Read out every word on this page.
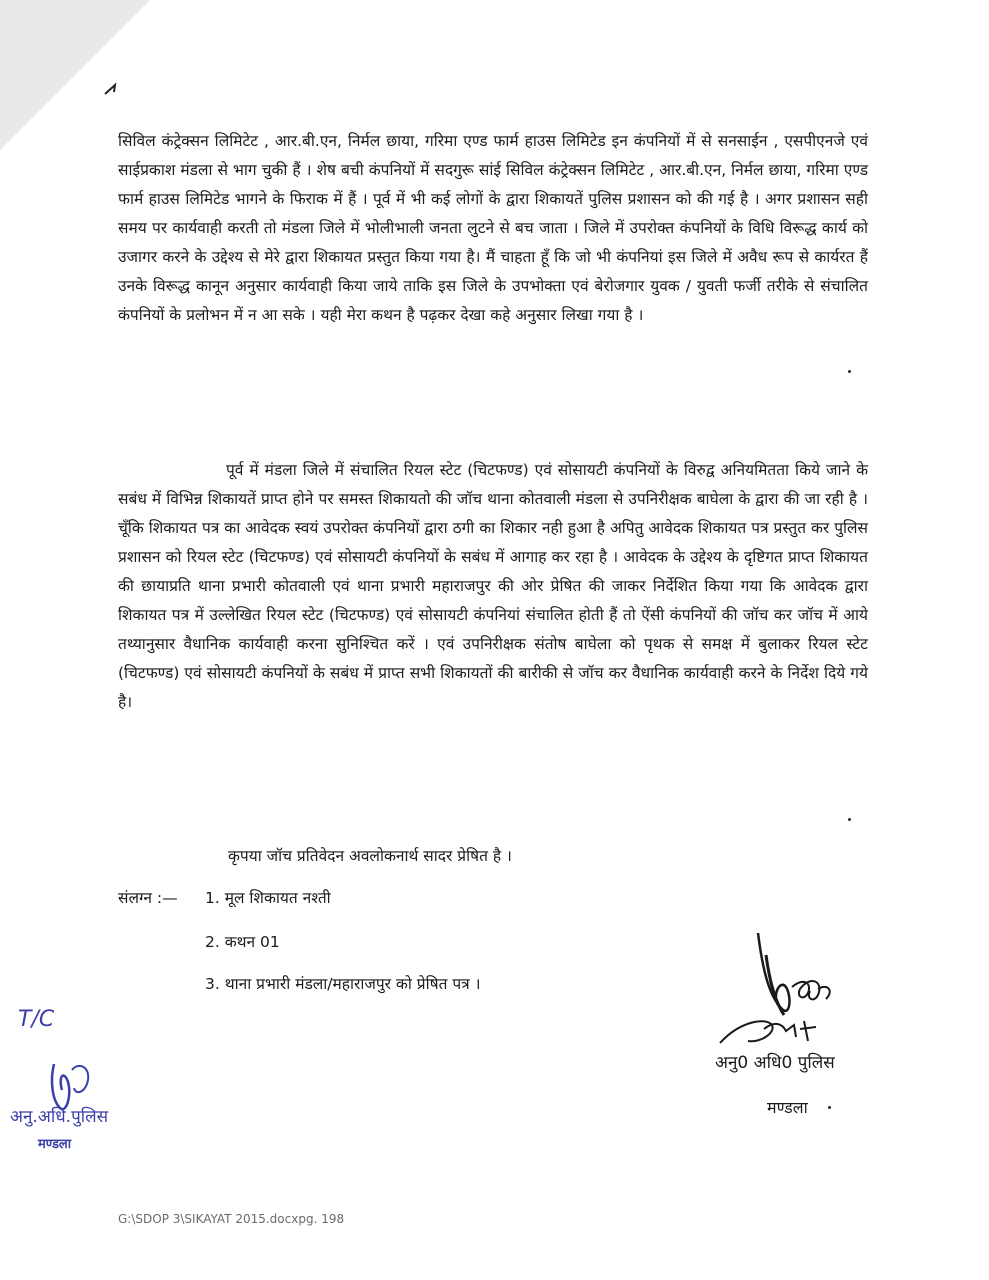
सिविल कंट्रेक्सन लिमिटेट , आर.बी.एन, निर्मल छाया, गरिमा एण्ड फार्म हाउस लिमिटेड इन कंपनियों में से सनसाईन , एसपीएनजे एवं साईप्रकाश मंडला से भाग चुकी हैं । शेष बची कंपनियों में सदगुरू सांई सिविल कंट्रेक्सन लिमिटेट , आर.बी.एन, निर्मल छाया, गरिमा एण्ड फार्म हाउस लिमिटेड भागने के फिराक में हैं । पूर्व में भी कई लोगों के द्वारा शिकायतें पुलिस प्रशासन को की गई है । अगर प्रशासन सही समय पर कार्यवाही करती तो मंडला जिले में भोलीभाली जनता लुटने से बच जाता । जिले में उपरोक्त कंपनियों के विधि विरूद्ध कार्य को उजागर करने के उद्देश्य से मेरे द्वारा शिकायत प्रस्तुत किया गया है। मैं चाहता हूँ कि जो भी कंपनियां इस जिले में अवैध रूप से कार्यरत हैं उनके विरूद्ध कानून अनुसार कार्यवाही किया जाये ताकि इस जिले के उपभोक्ता एवं बेरोजगार युवक / युवती फर्जी तरीके से संचालित कंपनियों के प्रलोभन में न आ सके । यही मेरा कथन है पढ़कर देखा कहे अनुसार लिखा गया है ।

पूर्व में मंडला जिले में संचालित रियल स्टेट (चिटफण्ड) एवं सोसायटी कंपनियों के विरुद्व अनियमितता किये जाने के सबंध में विभिन्न शिकायतें प्राप्त होने पर समस्त शिकायतो की जॉच थाना कोतवाली मंडला से उपनिरीक्षक बाघेला के द्वारा की जा रही है । चूँकि शिकायत पत्र का आवेदक स्वयं उपरोक्त कंपनियों द्वारा ठगी का शिकार नही हुआ है अपितु आवेदक शिकायत पत्र प्रस्तुत कर पुलिस प्रशासन को रियल स्टेट (चिटफण्ड) एवं सोसायटी कंपनियों के सबंध में आगाह कर रहा है । आवेदक के उद्देश्य के दृष्टिगत प्राप्त शिकायत की छायाप्रति थाना प्रभारी कोतवाली एवं थाना प्रभारी महाराजपुर की ओर प्रेषित की जाकर निर्देशित किया गया कि आवेदक द्वारा शिकायत पत्र में उल्लेखित रियल स्टेट (चिटफण्ड) एवं सोसायटी कंपनियां संचालित होती हैं तो ऐंसी कंपनियों की जॉच कर जॉच में आये तथ्यानुसार वैधानिक कार्यवाही करना सुनिश्चित करें । एवं उपनिरीक्षक संतोष बाघेला को पृथक से समक्ष में बुलाकर रियल स्टेट (चिटफण्ड) एवं सोसायटी कंपनियों के सबंध में प्राप्त सभी शिकायतों की बारीकी से जॉच कर वैधानिक कार्यवाही करने के निर्देश दिये गये है।

कृपया जॉच प्रतिवेदन अवलोकनार्थ सादर प्रेषित है ।

संलग्न :— 1. मूल शिकायत नश्ती

2. कथन 01

3. थाना प्रभारी मंडला/महाराजपुर को प्रेषित पत्र ।

अनु0 अधि0 पुलिस

मण्डला

T/C

अनु.अधि.पुलिस

मण्डला

G:\SDOP 3\SIKAYAT 2015.docxpg. 198
